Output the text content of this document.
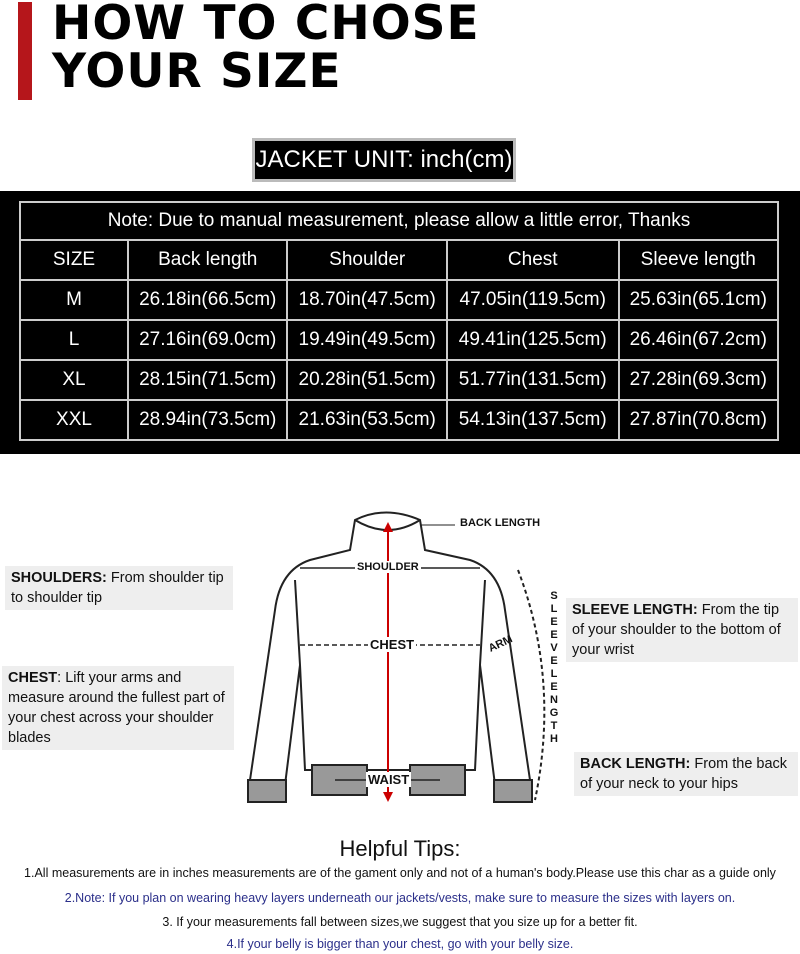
HOW TO CHOSE
YOUR SIZE
JACKET UNIT: inch(cm)
Note: Due to manual measurement, please allow a little error, Thanks				
SIZE	Back length	Shoulder	Chest	Sleeve length
M	26.18in(66.5cm)	18.70in(47.5cm)	47.05in(119.5cm)	25.63in(65.1cm)
L	27.16in(69.0cm)	19.49in(49.5cm)	49.41in(125.5cm)	26.46in(67.2cm)
XL	28.15in(71.5cm)	20.28in(51.5cm)	51.77in(131.5cm)	27.28in(69.3cm)
XXL	28.94in(73.5cm)	21.63in(53.5cm)	54.13in(137.5cm)	27.87in(70.8cm)
BACK LENGTH
SHOULDER
CHEST	ARM
WAIST
SLEEVE LENGTH
SHOULDERS: From shoulder tip to shoulder tip
CHEST: Lift your arms and measure around the fullest part of your chest across your shoulder blades
SLEEVE LENGTH: From the tip of your shoulder to the bottom of your wrist
BACK LENGTH: From the back of your neck to your hips
Helpful Tips:
1.All measurements are in inches measurements are of the gament only and not of a human's body.Please use this char as a guide only
2.Note: If you plan on wearing heavy layers underneath our jackets/vests, make sure to measure the sizes with layers on.
3. If your measurements fall between sizes,we suggest that you size up for a better fit.
4.If your belly is bigger than your chest, go with your belly size.
